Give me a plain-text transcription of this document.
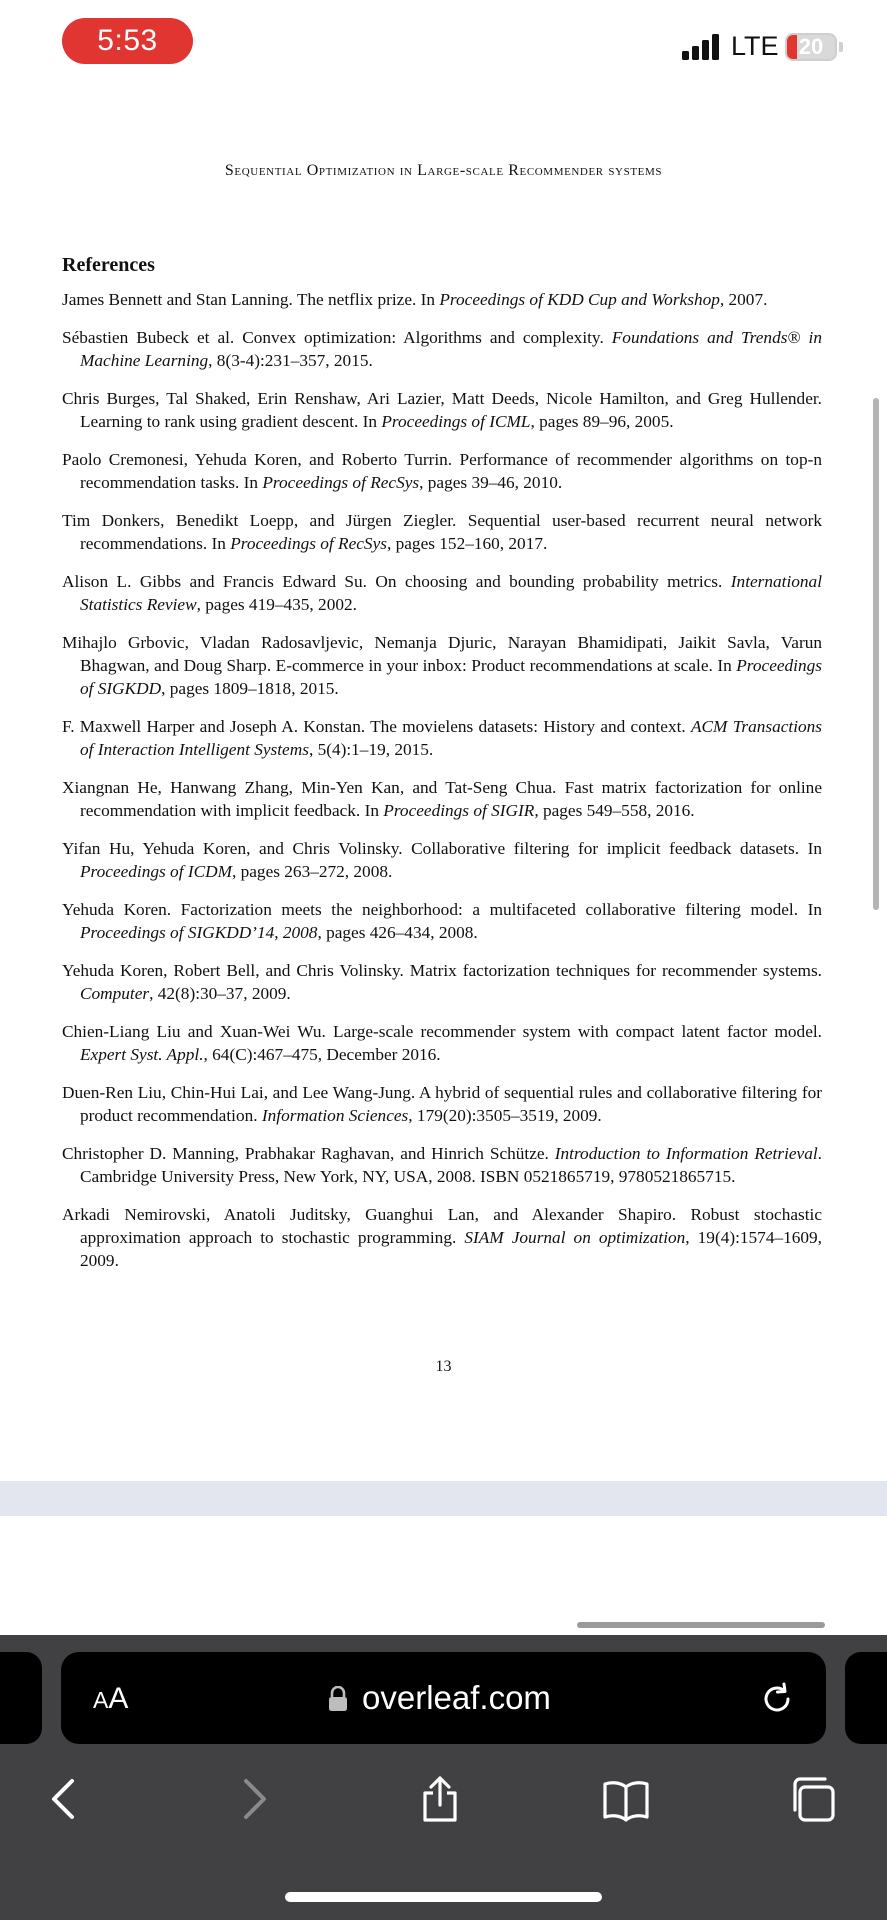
5:53	LTE 20
Sequential Optimization in Large-scale Recommender systems
References
James Bennett and Stan Lanning. The netflix prize. In Proceedings of KDD Cup and Workshop, 2007.
Sébastien Bubeck et al. Convex optimization: Algorithms and complexity. Foundations and Trends® in Machine Learning, 8(3-4):231–357, 2015.
Chris Burges, Tal Shaked, Erin Renshaw, Ari Lazier, Matt Deeds, Nicole Hamilton, and Greg Hullender. Learning to rank using gradient descent. In Proceedings of ICML, pages 89–96, 2005.
Paolo Cremonesi, Yehuda Koren, and Roberto Turrin. Performance of recommender algorithms on top-n recommendation tasks. In Proceedings of RecSys, pages 39–46, 2010.
Tim Donkers, Benedikt Loepp, and Jürgen Ziegler. Sequential user-based recurrent neural network recommendations. In Proceedings of RecSys, pages 152–160, 2017.
Alison L. Gibbs and Francis Edward Su. On choosing and bounding probability metrics. International Statistics Review, pages 419–435, 2002.
Mihajlo Grbovic, Vladan Radosavljevic, Nemanja Djuric, Narayan Bhamidipati, Jaikit Savla, Varun Bhagwan, and Doug Sharp. E-commerce in your inbox: Product recommendations at scale. In Proceedings of SIGKDD, pages 1809–1818, 2015.
F. Maxwell Harper and Joseph A. Konstan. The movielens datasets: History and context. ACM Transactions of Interaction Intelligent Systems, 5(4):1–19, 2015.
Xiangnan He, Hanwang Zhang, Min-Yen Kan, and Tat-Seng Chua. Fast matrix factorization for online recommendation with implicit feedback. In Proceedings of SIGIR, pages 549–558, 2016.
Yifan Hu, Yehuda Koren, and Chris Volinsky. Collaborative filtering for implicit feedback datasets. In Proceedings of ICDM, pages 263–272, 2008.
Yehuda Koren. Factorization meets the neighborhood: a multifaceted collaborative filtering model. In Proceedings of SIGKDD’14, 2008, pages 426–434, 2008.
Yehuda Koren, Robert Bell, and Chris Volinsky. Matrix factorization techniques for recommender systems. Computer, 42(8):30–37, 2009.
Chien-Liang Liu and Xuan-Wei Wu. Large-scale recommender system with compact latent factor model. Expert Syst. Appl., 64(C):467–475, December 2016.
Duen-Ren Liu, Chin-Hui Lai, and Lee Wang-Jung. A hybrid of sequential rules and collaborative filtering for product recommendation. Information Sciences, 179(20):3505–3519, 2009.
Christopher D. Manning, Prabhakar Raghavan, and Hinrich Schütze. Introduction to Information Retrieval. Cambridge University Press, New York, NY, USA, 2008. ISBN 0521865719, 9780521865715.
Arkadi Nemirovski, Anatoli Juditsky, Guanghui Lan, and Alexander Shapiro. Robust stochastic approximation approach to stochastic programming. SIAM Journal on optimization, 19(4):1574–1609, 2009.
13
AA	overleaf.com
